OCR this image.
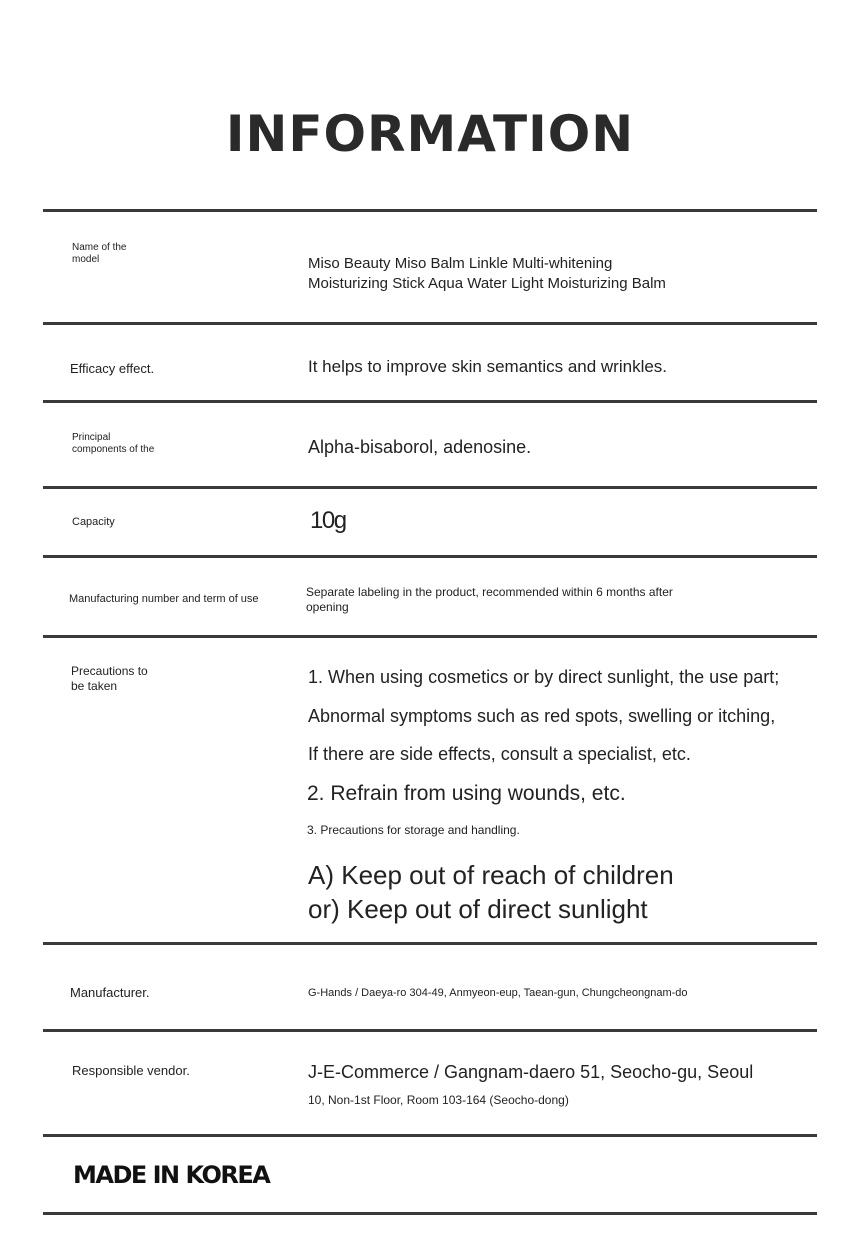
INFORMATION
Name of the
model	Miso Beauty Miso Balm Linkle Multi-whitening
Moisturizing Stick Aqua Water Light Moisturizing Balm
Efficacy effect.	It helps to improve skin semantics and wrinkles.
Principal
components of the	Alpha-bisaborol, adenosine.
Capacity	10g
Manufacturing number and term of use	Separate labeling in the product, recommended within 6 months after
opening
Precautions to
be taken	1. When using cosmetics or by direct sunlight, the use part;
Abnormal symptoms such as red spots, swelling or itching,
If there are side effects, consult a specialist, etc.
2. Refrain from using wounds, etc.
3. Precautions for storage and handling.
A) Keep out of reach of children
or) Keep out of direct sunlight
Manufacturer.	G-Hands / Daeya-ro 304-49, Anmyeon-eup, Taean-gun, Chungcheongnam-do
Responsible vendor.	J-E-Commerce / Gangnam-daero 51, Seocho-gu, Seoul
10, Non-1st Floor, Room 103-164 (Seocho-dong)
MADE IN KOREA
